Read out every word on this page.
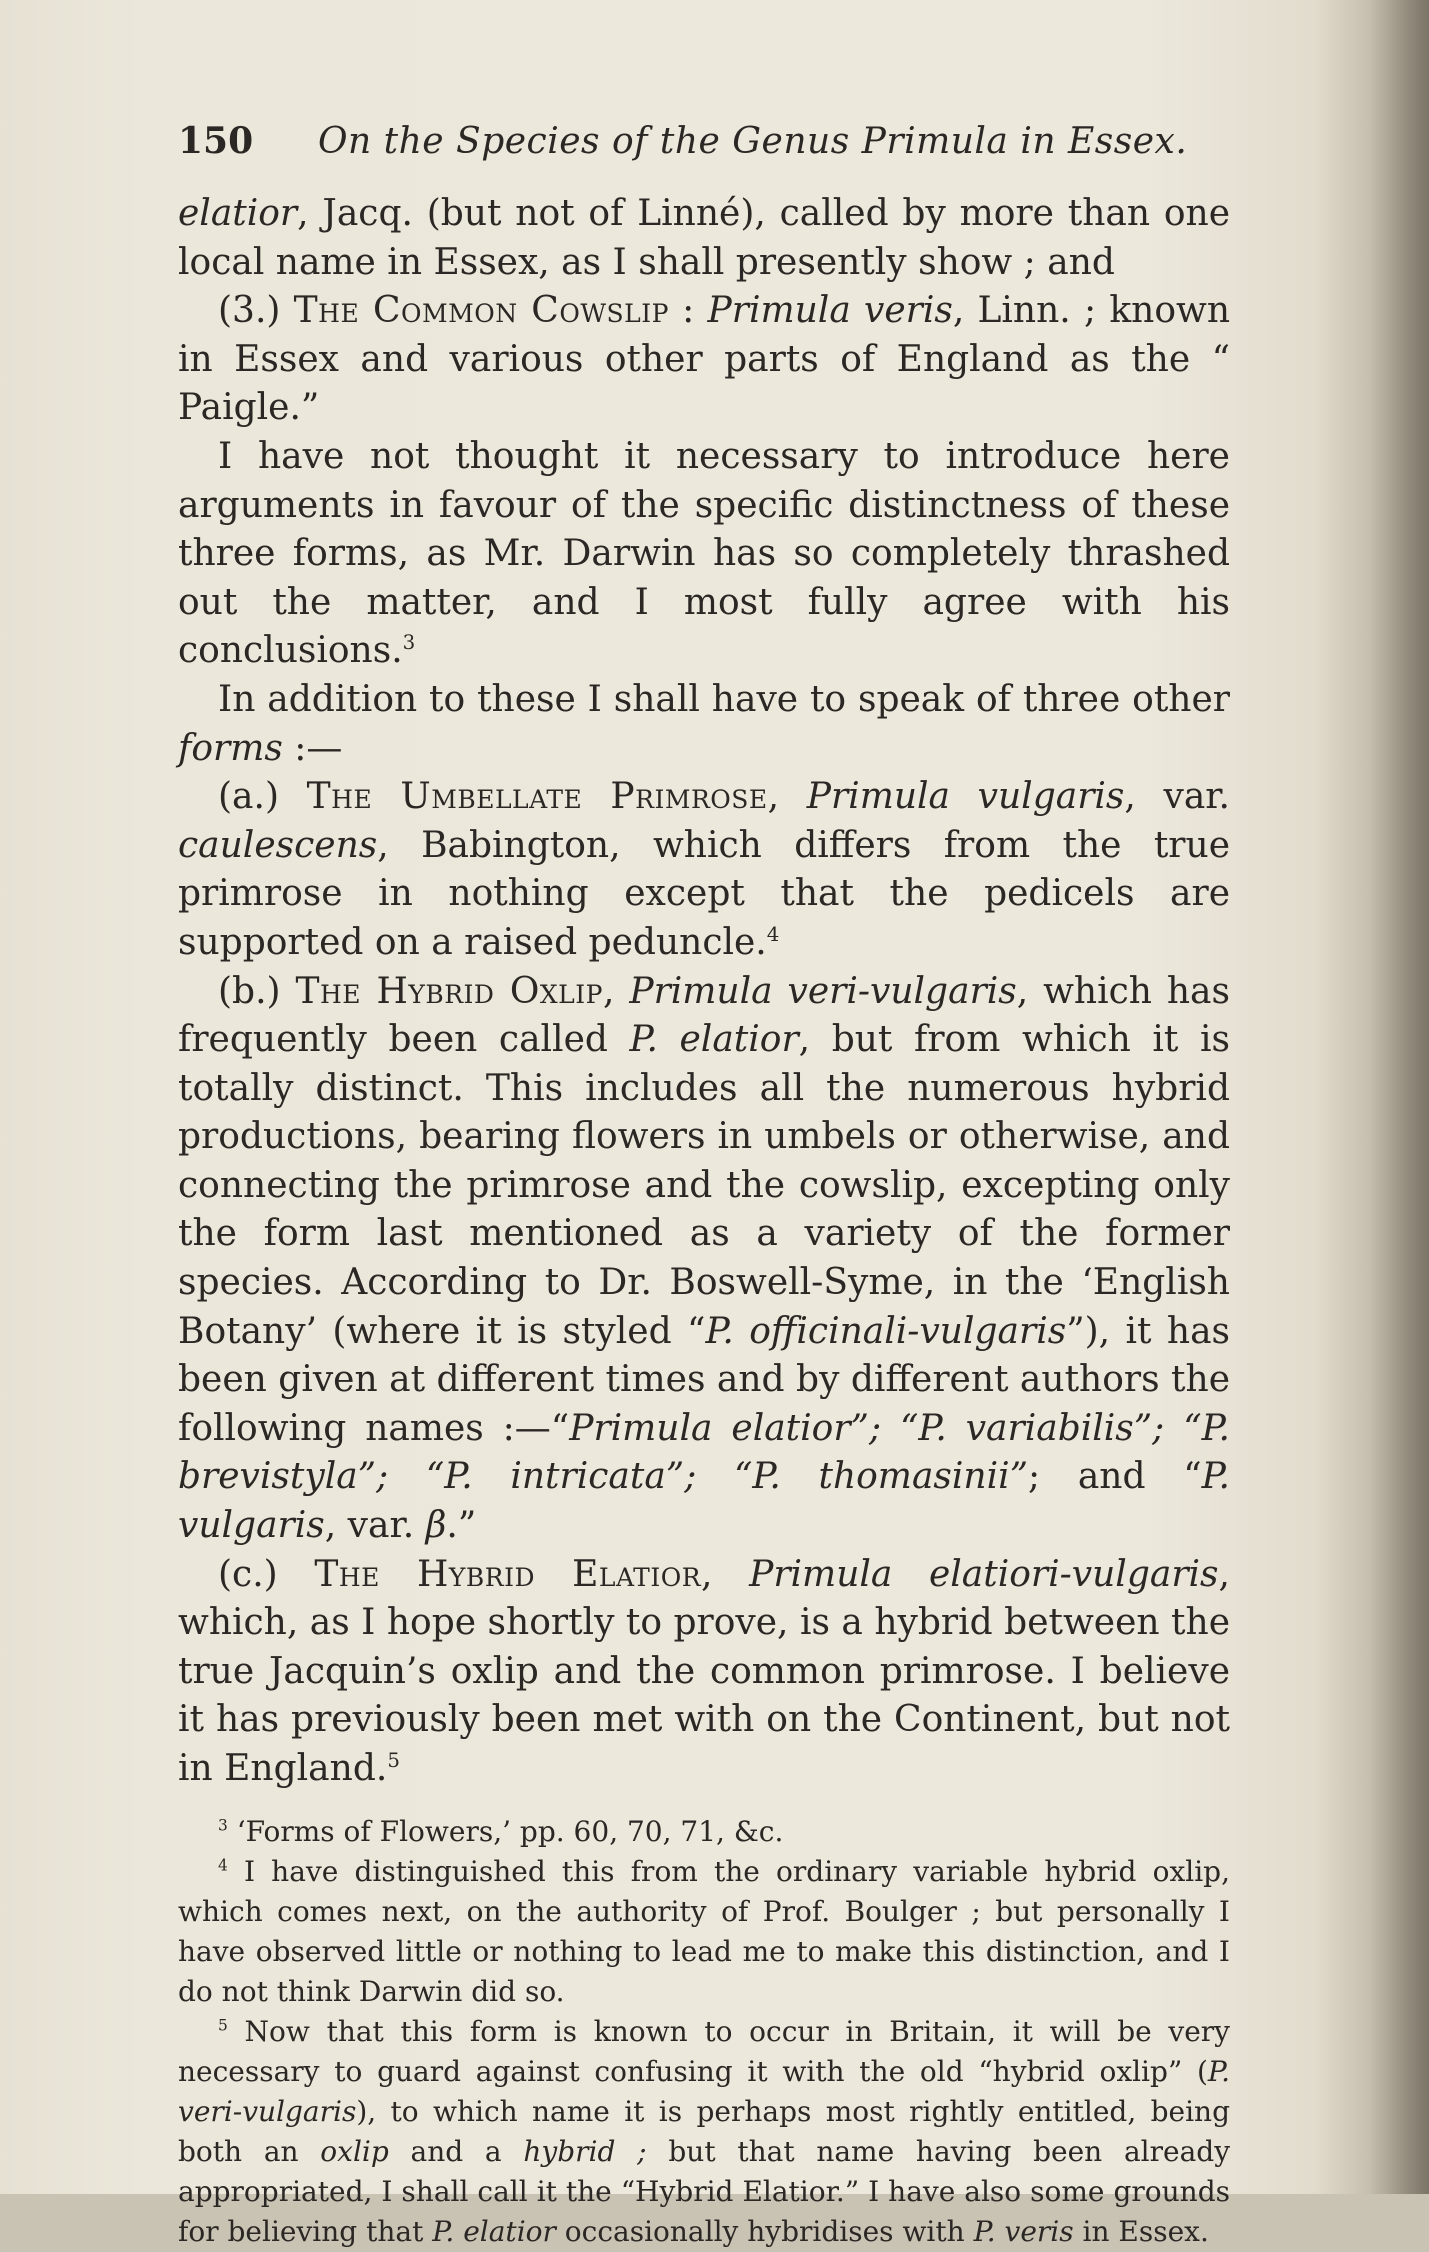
150	On the Species of the Genus Primula in Essex.

elatior, Jacq. (but not of Linné), called by more than one local name in Essex, as I shall presently show ; and

(3.) The Common Cowslip : Primula veris, Linn. ; known in Essex and various other parts of England as the “ Paigle.”

I have not thought it necessary to introduce here arguments in favour of the specific distinctness of these three forms, as Mr. Darwin has so completely thrashed out the matter, and I most fully agree with his conclusions.$^3$

In addition to these I shall have to speak of three other forms :—

(a.) The Umbellate Primrose, Primula vulgaris, var. caulescens, Babington, which differs from the true primrose in nothing except that the pedicels are supported on a raised peduncle.$^4$

(b.) The Hybrid Oxlip, Primula veri-vulgaris, which has frequently been called P. elatior, but from which it is totally distinct. This includes all the numerous hybrid productions, bearing flowers in umbels or otherwise, and connecting the primrose and the cowslip, excepting only the form last mentioned as a variety of the former species. According to Dr. Boswell-Syme, in the ‘English Botany’ (where it is styled “P. officinali-vulgaris”), it has been given at different times and by different authors the following names :—“Primula elatior”; “P. variabilis”; “P. brevistyla”; “P. intricata”; “P. thomasinii”; and “P. vulgaris, var. β.”

(c.) The Hybrid Elatior, Primula elatiori-vulgaris, which, as I hope shortly to prove, is a hybrid between the true Jacquin’s oxlip and the common primrose. I believe it has previously been met with on the Continent, but not in England.$^5$

$^3$ ‘Forms of Flowers,’ pp. 60, 70, 71, &c.

$^4$ I have distinguished this from the ordinary variable hybrid oxlip, which comes next, on the authority of Prof. Boulger ; but personally I have observed little or nothing to lead me to make this distinction, and I do not think Darwin did so.

$^5$ Now that this form is known to occur in Britain, it will be very necessary to guard against confusing it with the old “hybrid oxlip” (P. veri-vulgaris), to which name it is perhaps most rightly entitled, being both an oxlip and a hybrid ; but that name having been already appropriated, I shall call it the “Hybrid Elatior.” I have also some grounds for believing that P. elatior occasionally hybridises with P. veris in Essex.
